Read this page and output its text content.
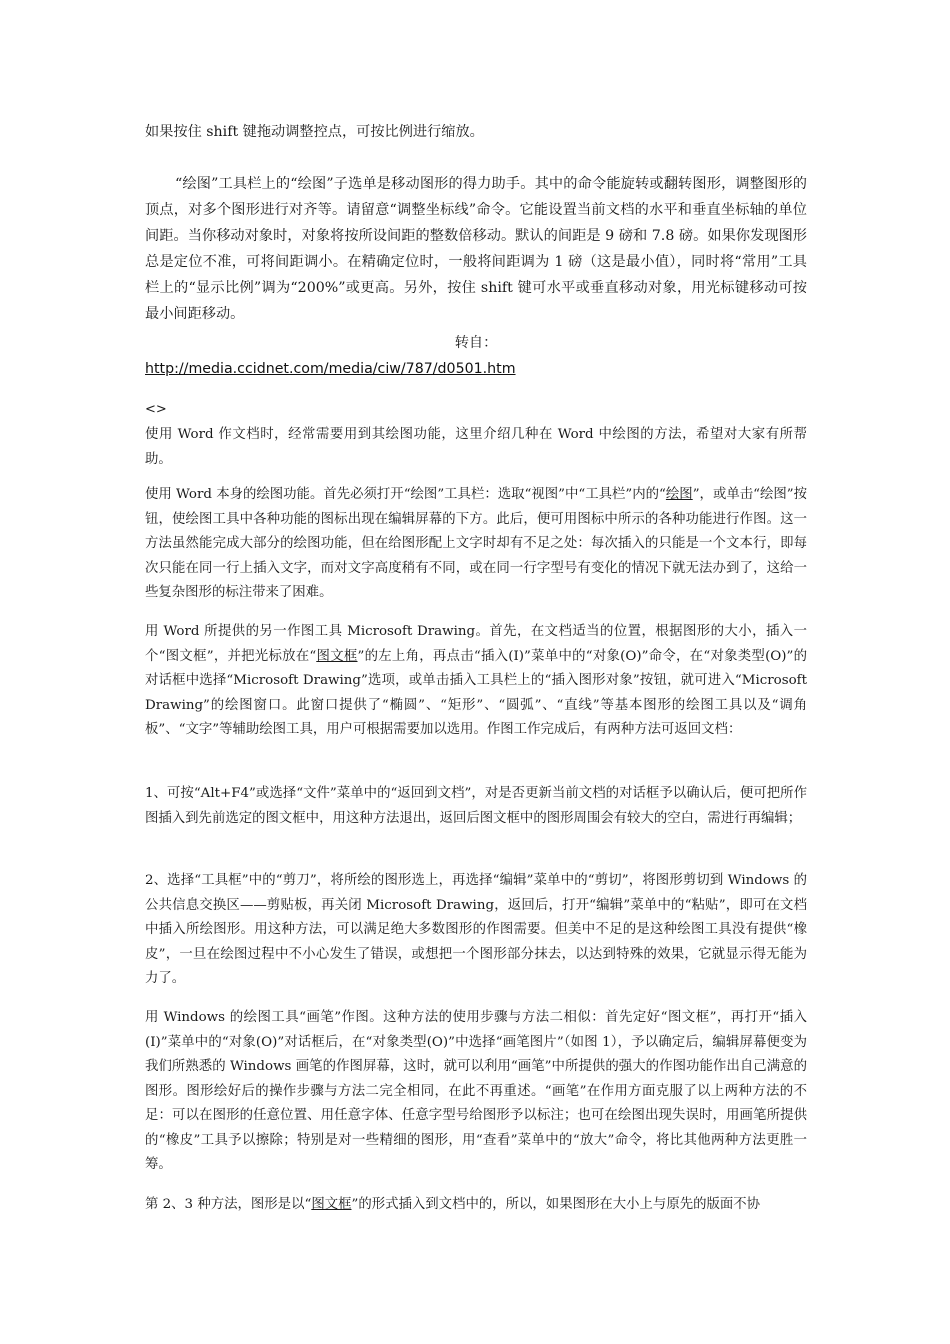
如果按住 shift 键拖动调整控点，可按比例进行缩放。

“绘图”工具栏上的“绘图”子选单是移动图形的得力助手。其中的命令能旋转或翻转图形，调整图形的顶点，对多个图形进行对齐等。请留意“调整坐标线”命令。它能设置当前文档的水平和垂直坐标轴的单位间距。当你移动对象时，对象将按所设间距的整数倍移动。默认的间距是 9 磅和 7.8 磅。如果你发现图形总是定位不准，可将间距调小。在精确定位时，一般将间距调为 1 磅（这是最小值），同时将“常用”工具栏上的“显示比例”调为“200%”或更高。另外，按住 shift 键可水平或垂直移动对象，用光标键移动可按最小间距移动。

转自：

http://media.ccidnet.com/media/ciw/787/d0501.htm

<>

使用 Word 作文档时，经常需要用到其绘图功能，这里介绍几种在 Word 中绘图的方法，希望对大家有所帮助。

使用 Word 本身的绘图功能。首先必须打开“绘图”工具栏：选取“视图”中“工具栏”内的“绘图”，或单击“绘图”按钮，使绘图工具中各种功能的图标出现在编辑屏幕的下方。此后，便可用图标中所示的各种功能进行作图。这一方法虽然能完成大部分的绘图功能，但在给图形配上文字时却有不足之处：每次插入的只能是一个文本行，即每次只能在同一行上插入文字，而对文字高度稍有不同，或在同一行字型号有变化的情况下就无法办到了，这给一些复杂图形的标注带来了困难。

用 Word 所提供的另一作图工具 Microsoft Drawing。首先，在文档适当的位置，根据图形的大小，插入一个“图文框”，并把光标放在“图文框”的左上角，再点击“插入(I)”菜单中的“对象(O)”命令，在“对象类型(O)”的对话框中选择“Microsoft Drawing”选项，或单击插入工具栏上的“插入图形对象”按钮，就可进入“Microsoft Drawing”的绘图窗口。此窗口提供了“椭圆”、“矩形”、“圆弧”、“直线”等基本图形的绘图工具以及“调角板”、“文字”等辅助绘图工具，用户可根据需要加以选用。作图工作完成后，有两种方法可返回文档：

1、可按“Alt+F4”或选择“文件”菜单中的“返回到文档”，对是否更新当前文档的对话框予以确认后，便可把所作图插入到先前选定的图文框中，用这种方法退出，返回后图文框中的图形周围会有较大的空白，需进行再编辑；

2、选择“工具框”中的“剪刀”，将所绘的图形选上，再选择“编辑”菜单中的“剪切”，将图形剪切到 Windows 的公共信息交换区——剪贴板，再关闭 Microsoft Drawing，返回后，打开“编辑”菜单中的“粘贴”，即可在文档中插入所绘图形。用这种方法，可以满足绝大多数图形的作图需要。但美中不足的是这种绘图工具没有提供“橡皮”，一旦在绘图过程中不小心发生了错误，或想把一个图形部分抹去，以达到特殊的效果，它就显示得无能为力了。

用 Windows 的绘图工具“画笔”作图。这种方法的使用步骤与方法二相似：首先定好“图文框”，再打开“插入(I)”菜单中的“对象(O)”对话框后，在“对象类型(O)”中选择“画笔图片”（如图 1），予以确定后，编辑屏幕便变为我们所熟悉的 Windows 画笔的作图屏幕，这时，就可以利用“画笔”中所提供的强大的作图功能作出自己满意的图形。图形绘好后的操作步骤与方法二完全相同，在此不再重述。“画笔”在作用方面克服了以上两种方法的不足：可以在图形的任意位置、用任意字体、任意字型号给图形予以标注；也可在绘图出现失误时，用画笔所提供的“橡皮”工具予以擦除；特别是对一些精细的图形，用“查看”菜单中的“放大”命令，将比其他两种方法更胜一筹。

第 2、3 种方法，图形是以“图文框”的形式插入到文档中的，所以，如果图形在大小上与原先的版面不协
